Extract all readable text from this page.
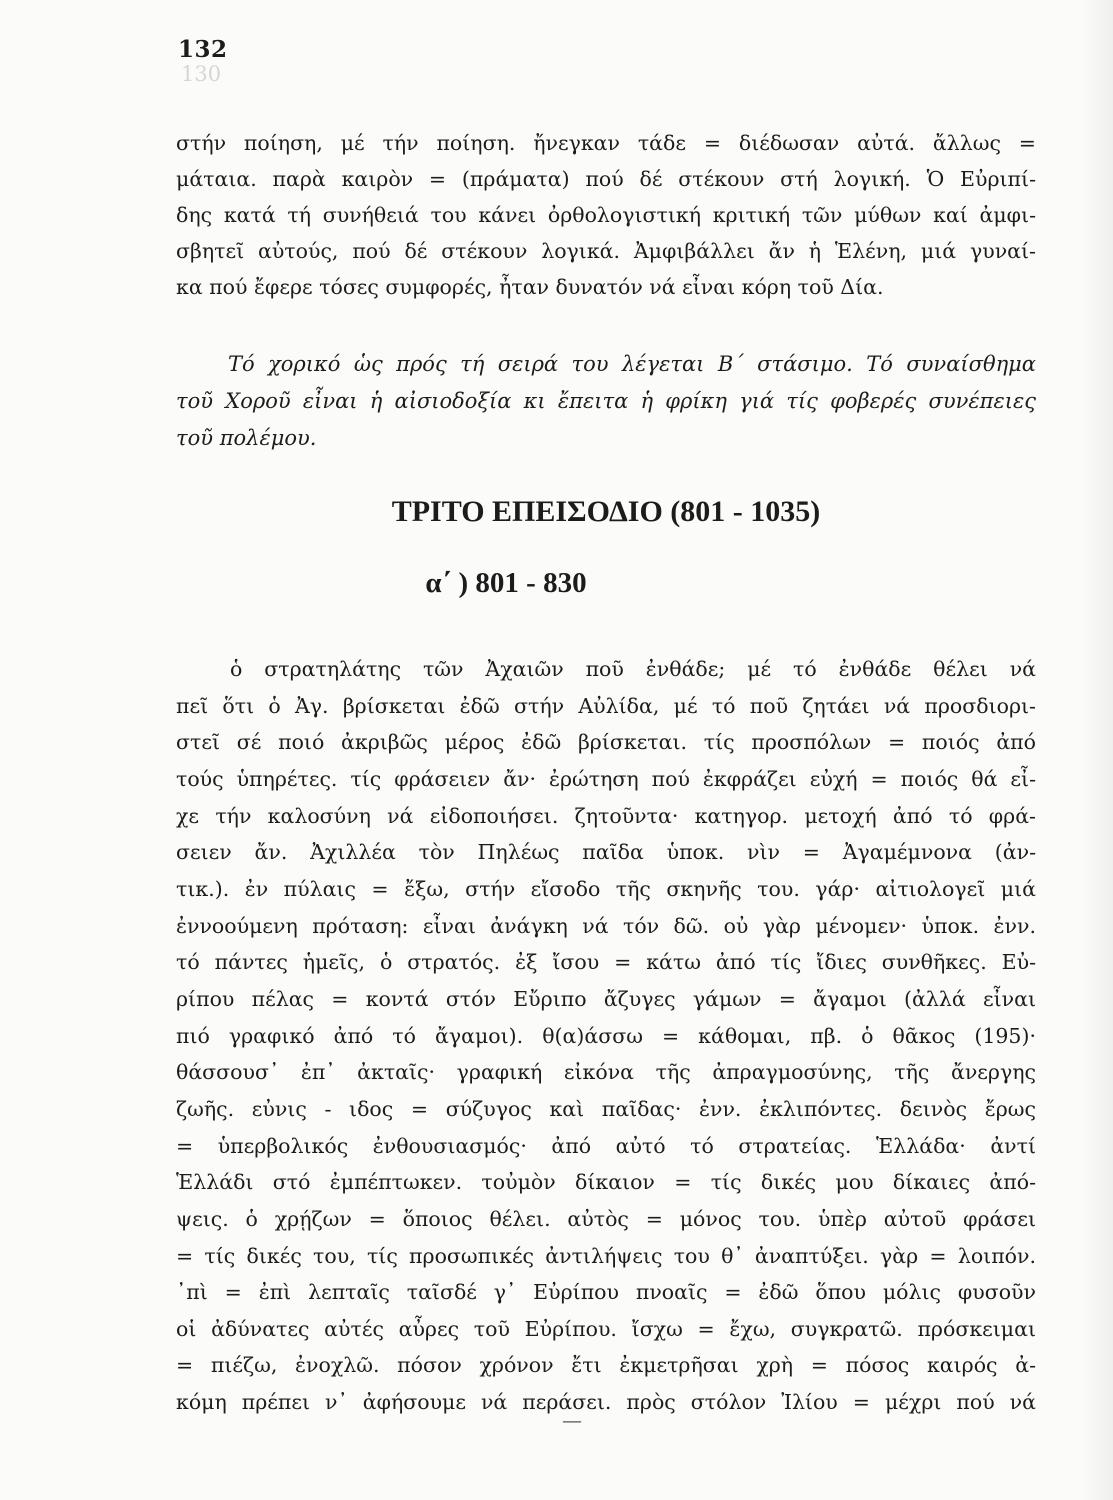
130
132
στήν ποίηση, μέ τήν ποίηση. ἤνεγκαν τάδε = διέδωσαν αὐτά. ἄλλως =
μάταια. παρὰ καιρὸν = (πράματα) πού δέ στέκουν στή λογική. Ὁ Εὐριπί-
δης κατά τή συνήθειά του κάνει ὀρθολογιστική κριτική τῶν μύθων καί ἀμφι-
σβητεῖ αὐτούς, πού δέ στέκουν λογικά. Ἀμφιβάλλει ἄν ἡ Ἑλένη, μιά γυναί-
κα πού ἔφερε τόσες συμφορές, ἦταν δυνατόν νά εἶναι κόρη τοῦ Δία.
Τό χορικό ὡς πρός τή σειρά του λέγεται Β΄ στάσιμο. Τό συναίσθημα
τοῦ Χοροῦ εἶναι ἡ αἰσιοδοξία κι ἔπειτα ἡ φρίκη γιά τίς φοβερές συνέπειες
τοῦ πολέμου.
ΤΡΙΤΟ ΕΠΕΙΣΟΔΙΟ (801 - 1035)
α΄ ) 801 - 830
ὁ στρατηλάτης τῶν Ἀχαιῶν ποῦ ἐνθάδε; μέ τό ἐνθάδε θέλει νά
πεῖ ὅτι ὁ Ἀγ. βρίσκεται ἐδῶ στήν Αὐλίδα, μέ τό ποῦ ζητάει νά προσδιορι-
στεῖ σέ ποιό ἀκριβῶς μέρος ἐδῶ βρίσκεται. τίς προσπόλων = ποιός ἀπό
τούς ὑπηρέτες. τίς φράσειεν ἄν· ἐρώτηση πού ἐκφράζει εὐχή = ποιός θά εἶ-
χε τήν καλοσύνη νά εἰδοποιήσει. ζητοῦντα· κατηγορ. μετοχή ἀπό τό φρά-
σειεν ἄν. Ἀχιλλέα τὸν Πηλέως παῖδα ὑποκ. νὶν = Ἀγαμέμνονα (ἀν-
τικ.). ἐν πύλαις = ἔξω, στήν εἴσοδο τῆς σκηνῆς του. γάρ· αἰτιολογεῖ μιά
ἐννοούμενη πρόταση: εἶναι ἀνάγκη νά τόν δῶ. οὐ γὰρ μένομεν· ὑποκ. ἐνν.
τό πάντες ἡμεῖς, ὁ στρατός. ἐξ ἴσου = κάτω ἀπό τίς ἴδιες συνθῆκες. Εὐ-
ρίπου πέλας = κοντά στόν Εὔριπο ἄζυγες γάμων = ἄγαμοι (ἀλλά εἶναι
πιό γραφικό ἀπό τό ἄγαμοι). θ(α)άσσω = κάθομαι, πβ. ὁ θᾶκος (195)·
θάσσουσ᾽ ἐπ᾽ ἀκταῖς· γραφική εἰκόνα τῆς ἀπραγμοσύνης, τῆς ἄνεργης
ζωῆς. εὐνις - ιδος = σύζυγος καὶ παῖδας· ἐνν. ἐκλιπόντες. δεινὸς ἔρως
= ὑπερβολικός ἐνθουσιασμός· ἀπό αὐτό τό στρατείας. Ἑλλάδα· ἀντί
Ἑλλάδι στό ἐμπέπτωκεν. τοὐμὸν δίκαιον = τίς δικές μου δίκαιες ἀπό-
ψεις. ὁ χρῄζων = ὅποιος θέλει. αὐτὸς = μόνος του. ὑπὲρ αὐτοῦ φράσει
= τίς δικές του, τίς προσωπικές ἀντιλήψεις του θ᾽ ἀναπτύξει. γὰρ = λοιπόν.
᾽πὶ = ἐπὶ λεπταῖς ταῖσδέ γ᾽ Εὐρίπου πνοαῖς = ἐδῶ ὅπου μόλις φυσοῦν
οἱ ἀδύνατες αὐτές αὖρες τοῦ Εὐρίπου. ἴσχω = ἔχω, συγκρατῶ. πρόσκειμαι
= πιέζω, ἐνοχλῶ. πόσον χρόνον ἔτι ἐκμετρῆσαι χρὴ = πόσος καιρός ἀ-
κόμη πρέπει ν᾽ ἀφήσουμε νά περάσει. πρὸς στόλον Ἰλίου = μέχρι πού νά
—
